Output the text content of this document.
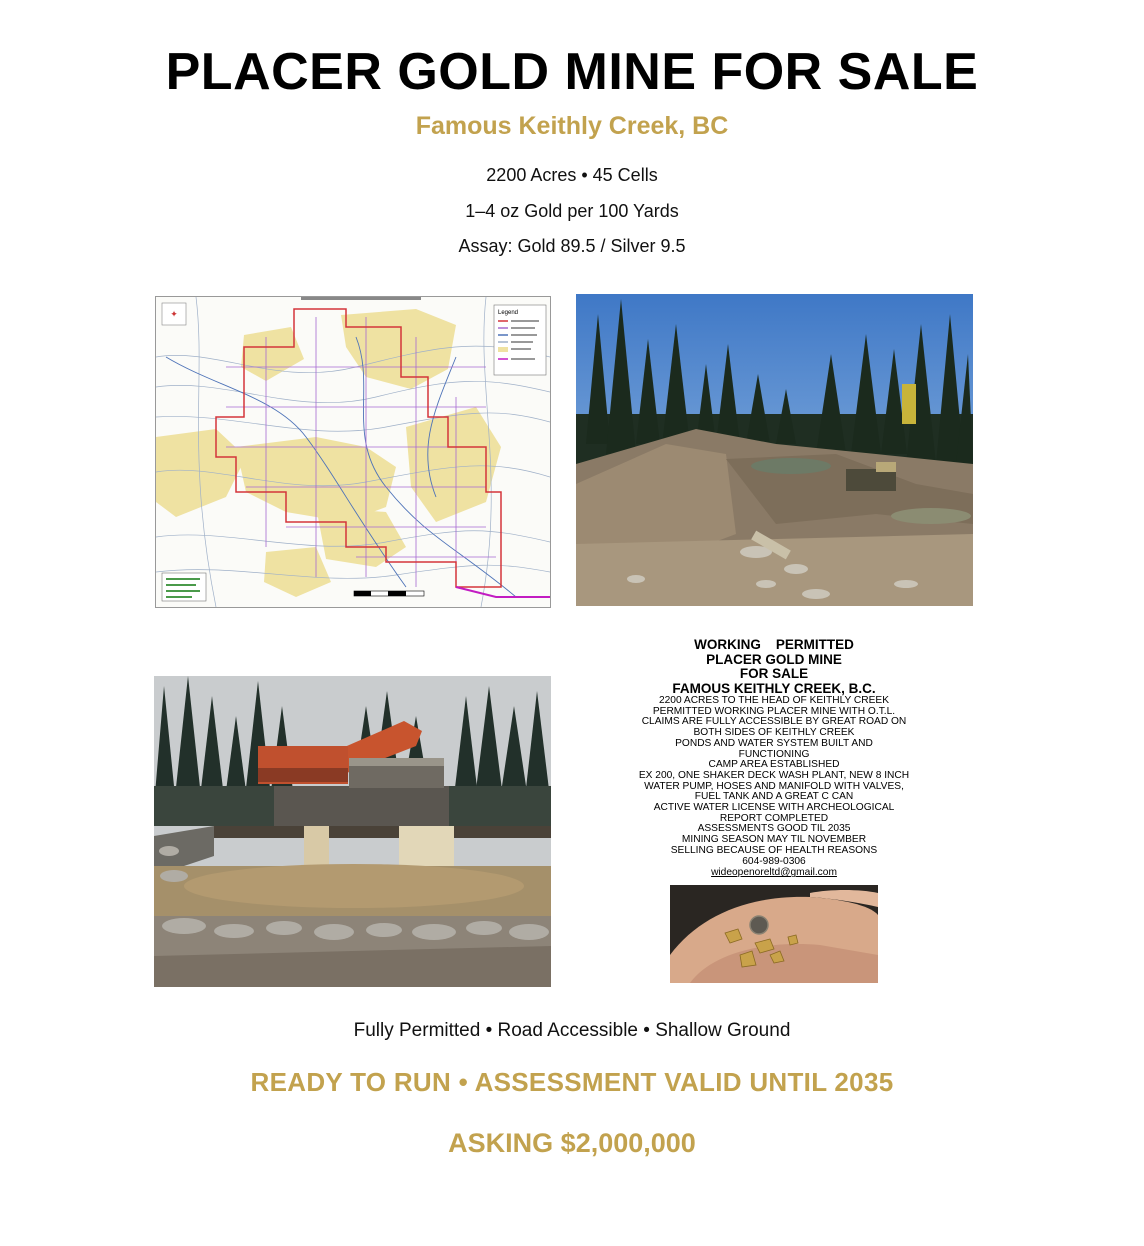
PLACER GOLD MINE FOR SALE
Famous Keithly Creek, BC
2200 Acres • 45 Cells
1–4 oz Gold per 100 Yards
Assay: Gold 89.5 / Silver 9.5
✦	Legend
WORKING    PERMITTED
PLACER GOLD MINE
FOR SALE
FAMOUS KEITHLY CREEK, B.C.
2200 ACRES TO THE HEAD OF KEITHLY CREEK
PERMITTED WORKING PLACER MINE WITH O.T.L.
CLAIMS ARE FULLY ACCESSIBLE BY GREAT ROAD ON
BOTH SIDES OF KEITHLY CREEK
PONDS AND WATER SYSTEM BUILT AND
FUNCTIONING
CAMP AREA ESTABLISHED
EX 200, ONE SHAKER DECK WASH PLANT, NEW 8 INCH
WATER PUMP, HOSES AND MANIFOLD WITH VALVES,
FUEL TANK AND A GREAT C CAN
ACTIVE WATER LICENSE WITH ARCHEOLOGICAL
REPORT COMPLETED
ASSESSMENTS GOOD TIL 2035
MINING SEASON MAY TIL NOVEMBER
SELLING BECAUSE OF HEALTH REASONS
604-989-0306
wideopenoreltd@gmail.com
Fully Permitted • Road Accessible • Shallow Ground
READY TO RUN • ASSESSMENT VALID UNTIL 2035
ASKING $2,000,000
